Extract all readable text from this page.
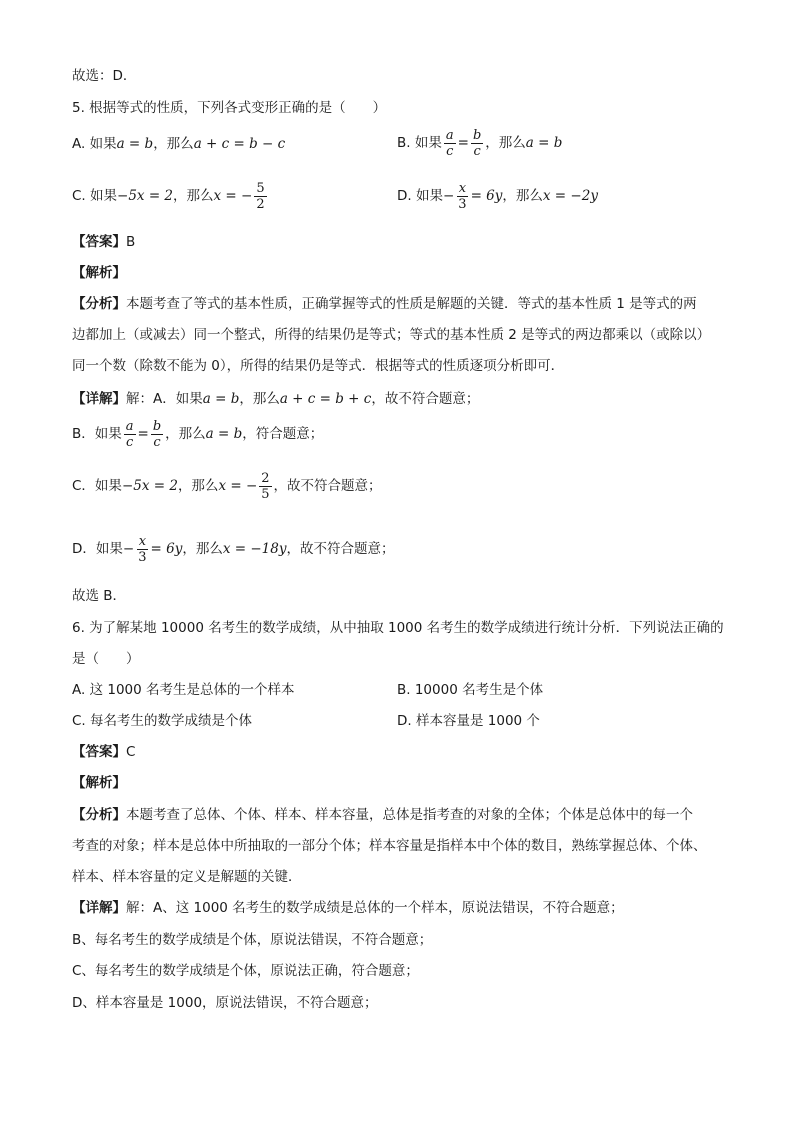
故选：D．
5. 根据等式的性质，下列各式变形正确的是（　　）
A. 如果a = b，那么a + c = b − c	B. 如果 $\frac{a}{c} = \frac{b}{c}$ ，那么a = b
C. 如果−5x = 2，那么x = − $\frac{5}{2}$	D. 如果− $\frac{x}{3} = 6y$，那么x = −2y
【答案】B
【解析】
【分析】本题考查了等式的基本性质，正确掌握等式的性质是解题的关键．等式的基本性质 1 是等式的两
边都加上（或减去）同一个整式，所得的结果仍是等式；等式的基本性质 2 是等式的两边都乘以（或除以）
同一个数（除数不能为 0），所得的结果仍是等式．根据等式的性质逐项分析即可．
【详解】解：A．如果a = b，那么a + c = b + c，故不符合题意；
B．如果 $\frac{a}{c} = \frac{b}{c}$ ，那么a = b，符合题意；
C．如果−5x = 2，那么x = − $\frac{2}{5}$ ，故不符合题意；
D．如果− $\frac{x}{3} = 6y$，那么x = −18y，故不符合题意；
故选 B．
6. 为了解某地 10000 名考生的数学成绩，从中抽取 1000 名考生的数学成绩进行统计分析．下列说法正确的
是（　　）
A. 这 1000 名考生是总体的一个样本	B. 10000 名考生是个体
C. 每名考生的数学成绩是个体	D. 样本容量是 1000 个
【答案】C
【解析】
【分析】本题考查了总体、个体、样本、样本容量，总体是指考查的对象的全体；个体是总体中的每一个
考查的对象；样本是总体中所抽取的一部分个体；样本容量是指样本中个体的数目，熟练掌握总体、个体、
样本、样本容量的定义是解题的关键．
【详解】解：A、这 1000 名考生的数学成绩是总体的一个样本，原说法错误，不符合题意；
B、每名考生的数学成绩是个体，原说法错误，不符合题意；
C、每名考生的数学成绩是个体，原说法正确，符合题意；
D、样本容量是 1000，原说法错误，不符合题意；
